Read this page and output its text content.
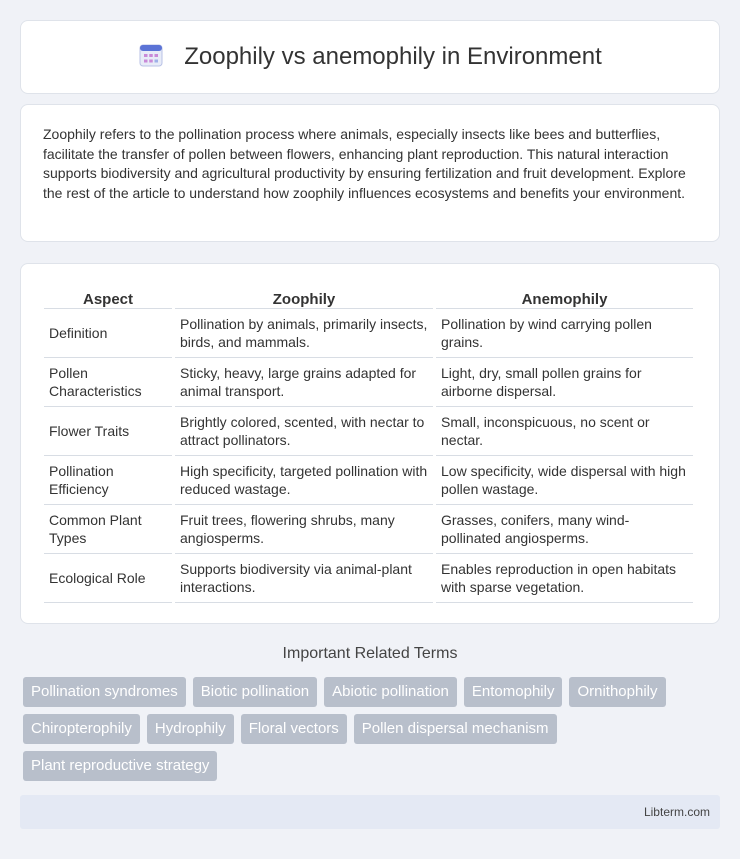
Zoophily vs anemophily in Environment

Zoophily refers to the pollination process where animals, especially insects like bees and butterflies, facilitate the transfer of pollen between flowers, enhancing plant reproduction. This natural interaction supports biodiversity and agricultural productivity by ensuring fertilization and fruit development. Explore the rest of the article to understand how zoophily influences ecosystems and benefits your environment.

Aspect	Zoophily	Anemophily
Definition	Pollination by animals, primarily insects, birds, and mammals.	Pollination by wind carrying pollen grains.
Pollen Characteristics	Sticky, heavy, large grains adapted for animal transport.	Light, dry, small pollen grains for airborne dispersal.
Flower Traits	Brightly colored, scented, with nectar to attract pollinators.	Small, inconspicuous, no scent or nectar.
Pollination Efficiency	High specificity, targeted pollination with reduced wastage.	Low specificity, wide dispersal with high pollen wastage.
Common Plant Types	Fruit trees, flowering shrubs, many angiosperms.	Grasses, conifers, many wind-pollinated angiosperms.
Ecological Role	Supports biodiversity via animal-plant interactions.	Enables reproduction in open habitats with sparse vegetation.
Important Related Terms
Pollination syndromes	Biotic pollination	Abiotic pollination	Entomophily	Ornithophily
Chiropterophily	Hydrophily	Floral vectors	Pollen dispersal mechanism
Plant reproductive strategy
Libterm.com
